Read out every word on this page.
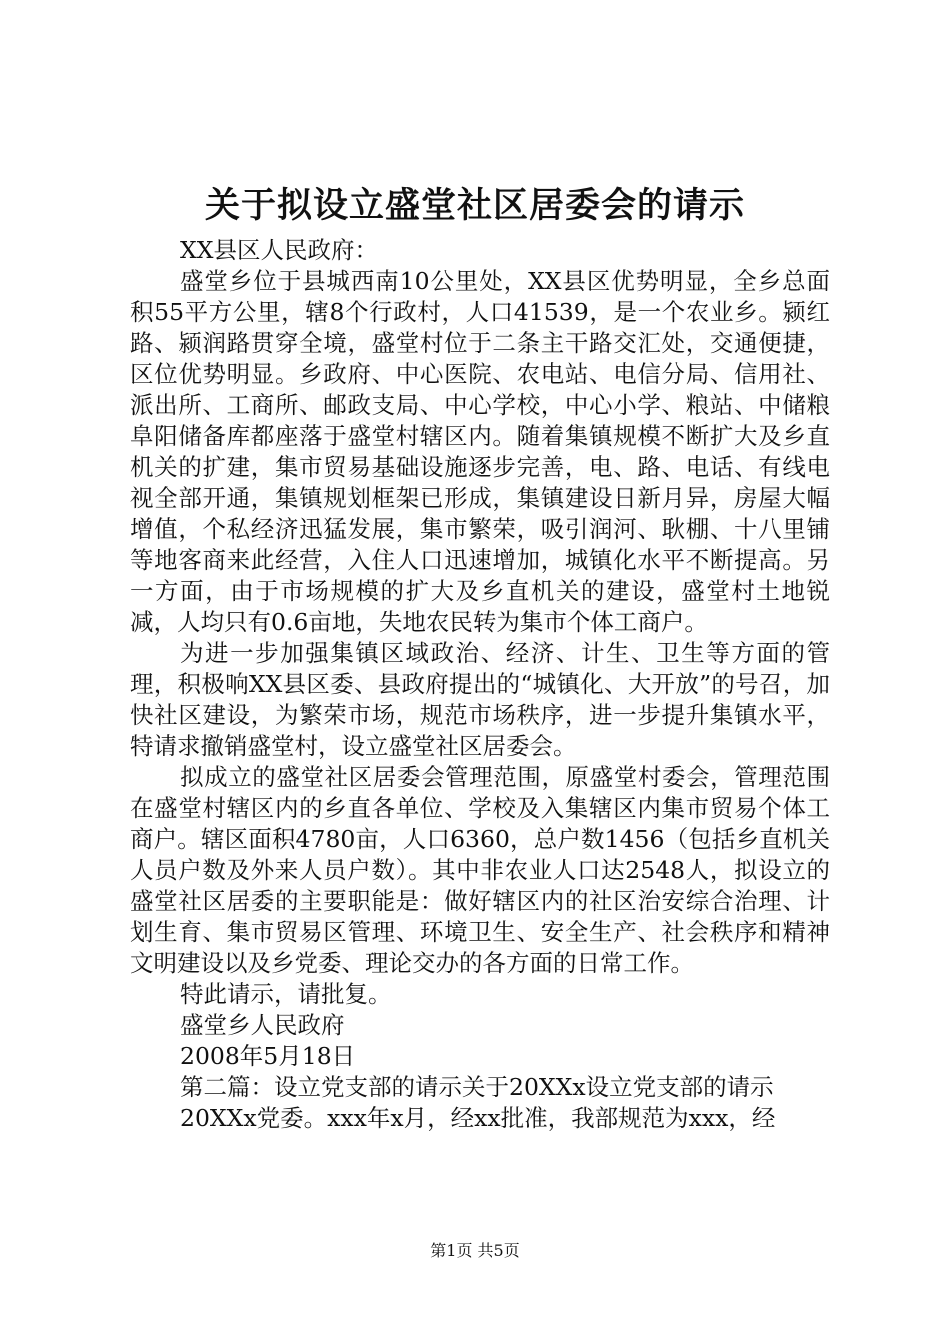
关于拟设立盛堂社区居委会的请示

XX县区人民政府：

盛堂乡位于县城西南10公里处，XX县区优势明显，全乡总面积55平方公里，辖8个行政村，人口41539，是一个农业乡。颍红路、颍润路贯穿全境，盛堂村位于二条主干路交汇处，交通便捷，区位优势明显。乡政府、中心医院、农电站、电信分局、信用社、派出所、工商所、邮政支局、中心学校，中心小学、粮站、中储粮阜阳储备库都座落于盛堂村辖区内。随着集镇规模不断扩大及乡直机关的扩建，集市贸易基础设施逐步完善，电、路、电话、有线电视全部开通，集镇规划框架已形成，集镇建设日新月异，房屋大幅增值，个私经济迅猛发展，集市繁荣，吸引润河、耿棚、十八里铺等地客商来此经营，入住人口迅速增加，城镇化水平不断提高。另一方面，由于市场规模的扩大及乡直机关的建设，盛堂村土地锐减，人均只有0.6亩地，失地农民转为集市个体工商户。

为进一步加强集镇区域政治、经济、计生、卫生等方面的管理，积极响XX县区委、县政府提出的“城镇化、大开放”的号召，加快社区建设，为繁荣市场，规范市场秩序，进一步提升集镇水平，特请求撤销盛堂村，设立盛堂社区居委会。

拟成立的盛堂社区居委会管理范围，原盛堂村委会，管理范围在盛堂村辖区内的乡直各单位、学校及入集辖区内集市贸易个体工商户。辖区面积4780亩，人口6360，总户数1456（包括乡直机关人员户数及外来人员户数）。其中非农业人口达2548人，拟设立的盛堂社区居委的主要职能是：做好辖区内的社区治安综合治理、计划生育、集市贸易区管理、环境卫生、安全生产、社会秩序和精神文明建设以及乡党委、理论交办的各方面的日常工作。

特此请示，请批复。

盛堂乡人民政府

2008年5月18日

第二篇：设立党支部的请示关于20XXx设立党支部的请示

20XXx党委。xxx年x月，经xx批准，我部规范为xxx，经

第1页 共5页
